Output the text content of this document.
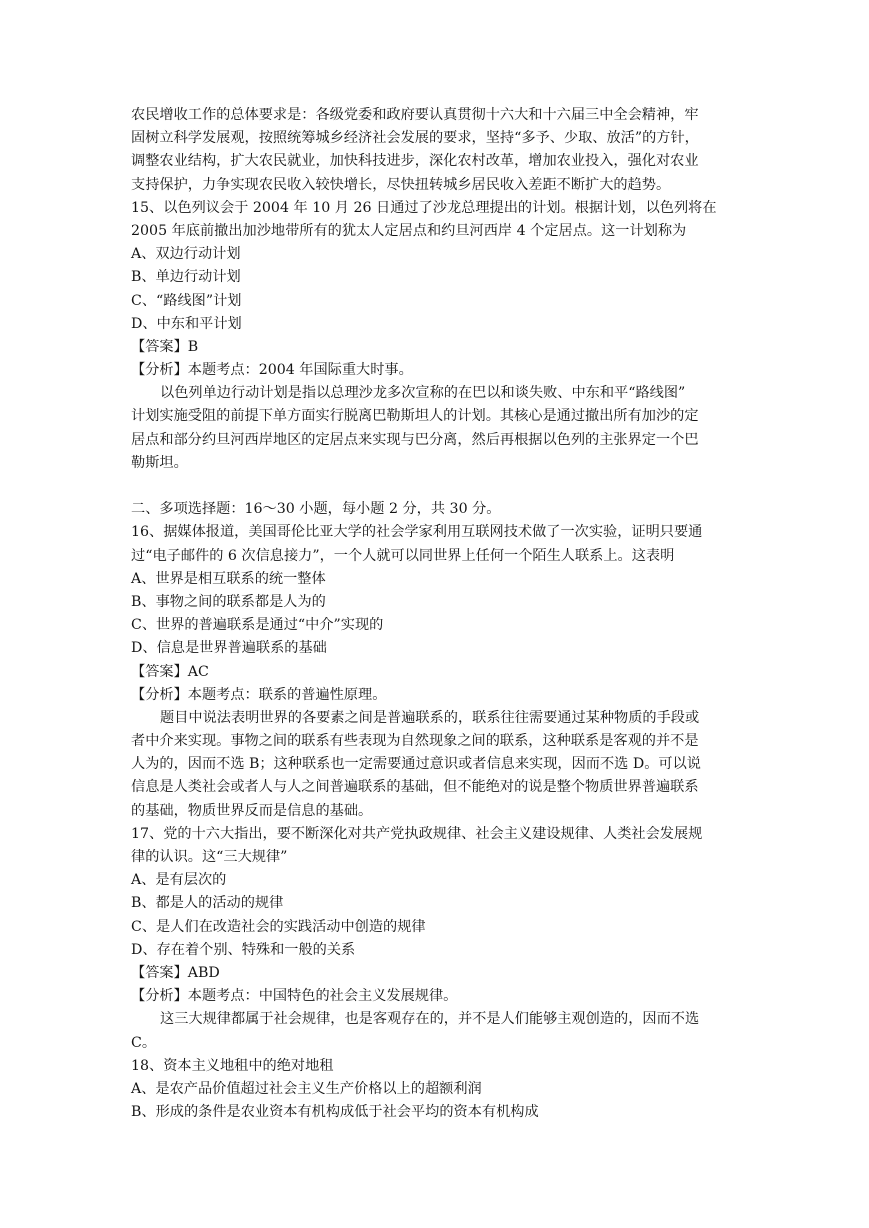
农民增收工作的总体要求是：各级党委和政府要认真贯彻十六大和十六届三中全会精神，牢
固树立科学发展观，按照统筹城乡经济社会发展的要求，坚持“多予、少取、放活”的方针，
调整农业结构，扩大农民就业，加快科技进步，深化农村改革，增加农业投入，强化对农业
支持保护，力争实现农民收入较快增长，尽快扭转城乡居民收入差距不断扩大的趋势。
15、以色列议会于 2004 年 10 月 26 日通过了沙龙总理提出的计划。根据计划，以色列将在
2005 年底前撤出加沙地带所有的犹太人定居点和约旦河西岸 4 个定居点。这一计划称为
A、双边行动计划
B、单边行动计划
C、“路线图”计划
D、中东和平计划
【答案】B
【分析】本题考点：2004 年国际重大时事。
以色列单边行动计划是指以总理沙龙多次宣称的在巴以和谈失败、中东和平“路线图”
计划实施受阻的前提下单方面实行脱离巴勒斯坦人的计划。其核心是通过撤出所有加沙的定
居点和部分约旦河西岸地区的定居点来实现与巴分离，然后再根据以色列的主张界定一个巴
勒斯坦。
二、多项选择题：16～30 小题，每小题 2 分，共 30 分。
16、据媒体报道，美国哥伦比亚大学的社会学家利用互联网技术做了一次实验，证明只要通
过“电子邮件的 6 次信息接力”，一个人就可以同世界上任何一个陌生人联系上。这表明
A、世界是相互联系的统一整体
B、事物之间的联系都是人为的
C、世界的普遍联系是通过“中介”实现的
D、信息是世界普遍联系的基础
【答案】AC
【分析】本题考点：联系的普遍性原理。
题目中说法表明世界的各要素之间是普遍联系的，联系往往需要通过某种物质的手段或
者中介来实现。事物之间的联系有些表现为自然现象之间的联系，这种联系是客观的并不是
人为的，因而不选 B；这种联系也一定需要通过意识或者信息来实现，因而不选 D。可以说
信息是人类社会或者人与人之间普遍联系的基础，但不能绝对的说是整个物质世界普遍联系
的基础，物质世界反而是信息的基础。
17、党的十六大指出，要不断深化对共产党执政规律、社会主义建设规律、人类社会发展规
律的认识。这“三大规律”
A、是有层次的
B、都是人的活动的规律
C、是人们在改造社会的实践活动中创造的规律
D、存在着个别、特殊和一般的关系
【答案】ABD
【分析】本题考点：中国特色的社会主义发展规律。
这三大规律都属于社会规律，也是客观存在的，并不是人们能够主观创造的，因而不选
C。
18、资本主义地租中的绝对地租
A、是农产品价值超过社会主义生产价格以上的超额利润
B、形成的条件是农业资本有机构成低于社会平均的资本有机构成
